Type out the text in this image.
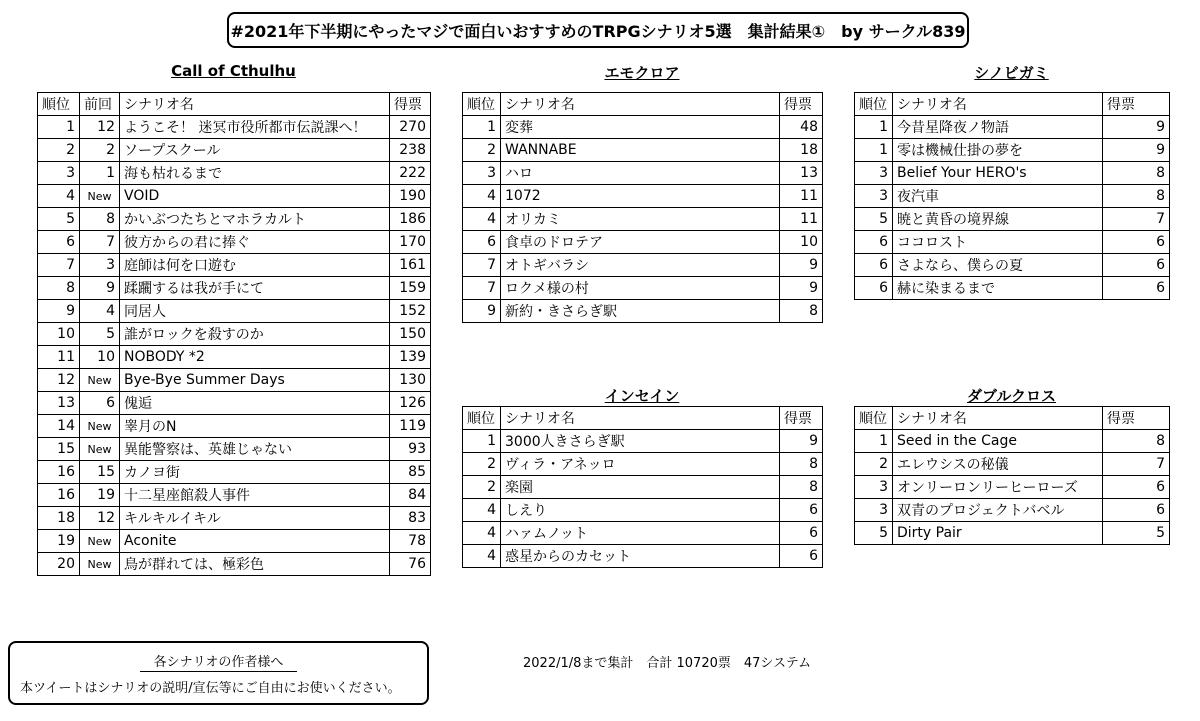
#2021年下半期にやったマジで面白いおすすめのTRPGシナリオ5選　集計結果①　by サークル839
Call of Cthulhu
順位	前回	シナリオ名	得票
1	12	ようこそ！ 迷冥市役所都市伝説課へ！	270
2	2	ソープスクール	238
3	1	海も枯れるまで	222
4	New	VOID	190
5	8	かいぶつたちとマホラカルト	186
6	7	彼方からの君に捧ぐ	170
7	3	庭師は何を口遊む	161
8	9	蹂躙するは我が手にて	159
9	4	同居人	152
10	5	誰がロックを殺すのか	150
11	10	NOBODY *2	139
12	New	Bye-Bye Summer Days	130
13	6	傀逅	126
14	New	睾月のN	119
15	New	異能警察は、英雄じゃない	93
16	15	カノヨ街	85
16	19	十二星座館殺人事件	84
18	12	キルキルイキル	83
19	New	Aconite	78
20	New	鳥が群れては、極彩色	76
エモクロア
順位	シナリオ名	得票
1	変葬	48
2	WANNABE	18
3	ハロ	13
4	1072	11
4	オリカミ	11
6	食卓のドロテア	10
7	オトギバラシ	9
7	ロクメ様の村	9
9	新約・きさらぎ駅	8
シノビガミ
順位	シナリオ名	得票
1	今昔星降夜ノ物語	9
1	零は機械仕掛の夢を	9
3	Belief Your HERO's	8
3	夜汽車	8
5	暁と黄昏の境界線	7
6	ココロスト	6
6	さよなら、僕らの夏	6
6	赫に染まるまで	6
インセイン
順位	シナリオ名	得票
1	3000人きさらぎ駅	9
2	ヴィラ・アネッロ	8
2	楽園	8
4	しえり	6
4	ハァムノット	6
4	惑星からのカセット	6
ダブルクロス
順位	シナリオ名	得票
1	Seed in the Cage	8
2	エレウシスの秘儀	7
3	オンリーロンリーヒーローズ	6
3	双青のプロジェクトバベル	6
5	Dirty Pair	5
各シナリオの作者様へ
本ツイートはシナリオの説明/宣伝等にご自由にお使いください。
2022/1/8まで集計　合計 10720票　47システム
